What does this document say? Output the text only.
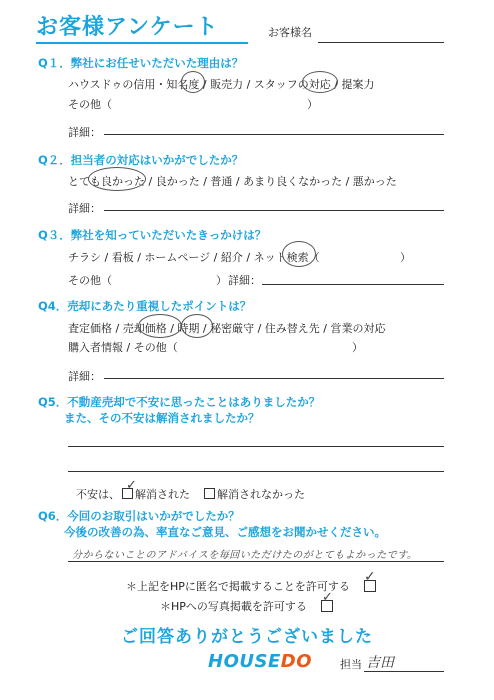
お客様アンケート	お客様名
Q１．弊社にお任せいただいた理由は？
ハウスドゥの信用・知名度 / 販売力 / スタッフの対応 / 提案力
その他（	）
詳細：
Q２．担当者の対応はいかがでしたか？
とても良かった / 良かった / 普通 / あまり良くなかった / 悪かった
詳細：
Q３．弊社を知っていただいたきっかけは？
チラシ / 看板 / ホームページ / 紹介 / ネット検索（	）
その他（	） 詳細：
Q4．売却にあたり重視したポイントは？
査定価格 / 売却価格 / 時期 / 秘密厳守 / 住み替え先 / 営業の対応
購入者情報 / その他（	）
詳細：
Q5．不動産売却で不安に思ったことはありましたか？
また、その不安は解消されましたか？
不安は、	解消された
✓
解消されなかった
Q6．今回のお取引はいかがでしたか？
今後の改善の為、率直なご意見、ご感想をお聞かせください。
分からないことのアドバイスを毎回いただけたのがとてもよかったです。
＊上記をHPに匿名で掲載することを許可する
✓
＊HPへの写真掲載を許可する
✓
ご回答ありがとうございました
HOUSEDO	担当 吉田
